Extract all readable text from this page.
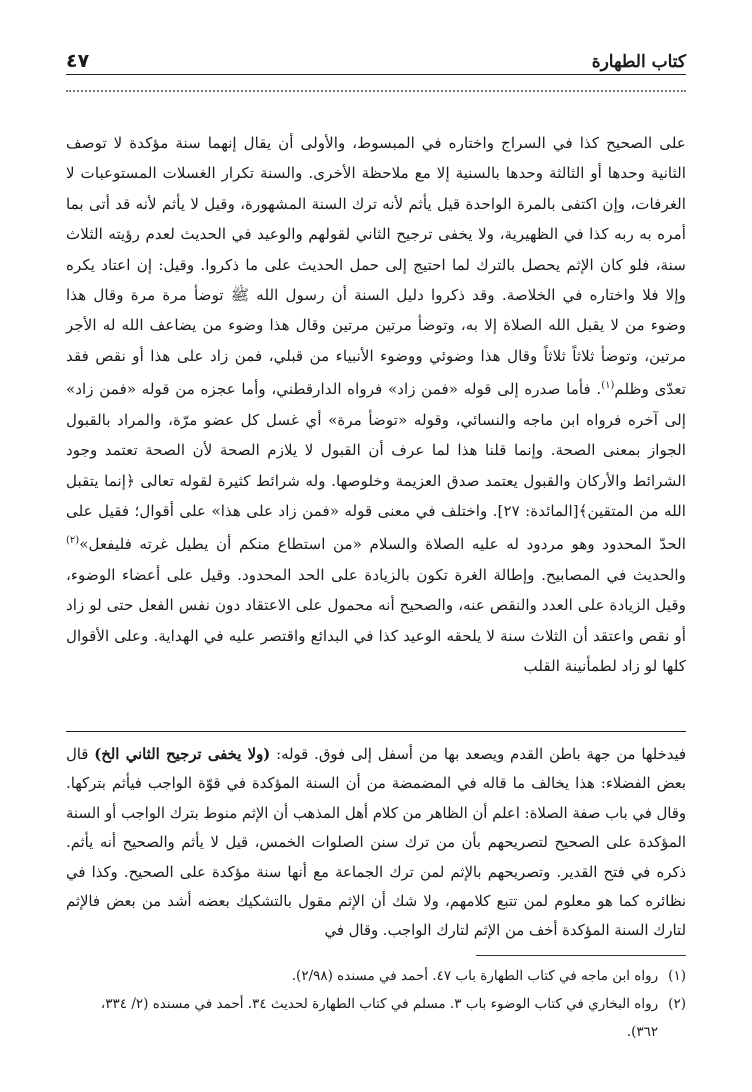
كتاب الطهارة
٤٧

على الصحيح كذا في السراج واختاره في المبسوط، والأولى أن يقال إنهما سنة مؤكدة لا توصف الثانية وحدها أو الثالثة وحدها بالسنية إلا مع ملاحظة الأخرى. والسنة تكرار الغسلات المستوعبات لا الغرفات، وإن اكتفى بالمرة الواحدة قيل يأثم لأنه ترك السنة المشهورة، وقيل لا يأثم لأنه قد أتى بما أمره به ربه كذا في الظهيرية، ولا يخفى ترجيح الثاني لقولهم والوعيد في الحديث لعدم رؤيته الثلاث سنة، فلو كان الإثم يحصل بالترك لما احتيج إلى حمل الحديث على ما ذكروا. وقيل: إن اعتاد يكره وإلا فلا واختاره في الخلاصة. وقد ذكروا دليل السنة أن رسول الله ﷺ توضأ مرة مرة وقال هذا وضوء من لا يقبل الله الصلاة إلا به، وتوضأ مرتين مرتين وقال هذا وضوء من يضاعف الله له الأجر مرتين، وتوضأ ثلاثاً ثلاثاً وقال هذا وضوئي ووضوء الأنبياء من قبلي، فمن زاد على هذا أو نقص فقد تعدّى وظلم$^{(١)}$. فأما صدره إلى قوله «فمن زاد» فرواه الدارقطني، وأما عجزه من قوله «فمن زاد» إلى آخره فرواه ابن ماجه والنسائي، وقوله «توضأ مرة» أي غسل كل عضو مرّة، والمراد بالقبول الجواز بمعنى الصحة. وإنما قلنا هذا لما عرف أن القبول لا يلازم الصحة لأن الصحة تعتمد وجود الشرائط والأركان والقبول يعتمد صدق العزيمة وخلوصها. وله شرائط كثيرة لقوله تعالى ﴿إنما يتقبل الله من المتقين﴾[المائدة: ٢٧]. واختلف في معنى قوله «فمن زاد على هذا» على أقوال؛ فقيل على الحدّ المحدود وهو مردود له عليه الصلاة والسلام «من استطاع منكم أن يطيل غرته فليفعل»$^{(٢)}$ والحديث في المصابيح. وإطالة الغرة تكون بالزيادة على الحد المحدود. وقيل على أعضاء الوضوء، وقيل الزيادة على العدد والنقص عنه، والصحيح أنه محمول على الاعتقاد دون نفس الفعل حتى لو زاد أو نقص واعتقد أن الثلاث سنة لا يلحقه الوعيد كذا في البدائع واقتصر عليه في الهداية. وعلى الأقوال كلها لو زاد لطمأنينة القلب

فيدخلها من جهة باطن القدم ويصعد بها من أسفل إلى فوق. قوله: (ولا يخفى ترجيح الثاني الخ) قال بعض الفضلاء: هذا يخالف ما قاله في المضمضة من أن السنة المؤكدة في قوّة الواجب فيأثم بتركها. وقال في باب صفة الصلاة: اعلم أن الظاهر من كلام أهل المذهب أن الإثم منوط بترك الواجب أو السنة المؤكدة على الصحيح لتصريحهم بأن من ترك سنن الصلوات الخمس، قيل لا يأثم والصحيح أنه يأثم. ذكره في فتح القدير. وتصريحهم بالإثم لمن ترك الجماعة مع أنها سنة مؤكدة على الصحيح. وكذا في نظائره كما هو معلوم لمن تتبع كلامهم، ولا شك أن الإثم مقول بالتشكيك بعضه أشد من بعض فالإثم لتارك السنة المؤكدة أخف من الإثم لتارك الواجب. وقال في

(١)
رواه ابن ماجه في كتاب الطهارة باب ٤٧. أحمد في مسنده (٢/٩٨).
(٢)
رواه البخاري في كتاب الوضوء باب ٣. مسلم في كتاب الطهارة لحديث ٣٤. أحمد في مسنده (٢/ ٣٣٤، ٣٦٢).
